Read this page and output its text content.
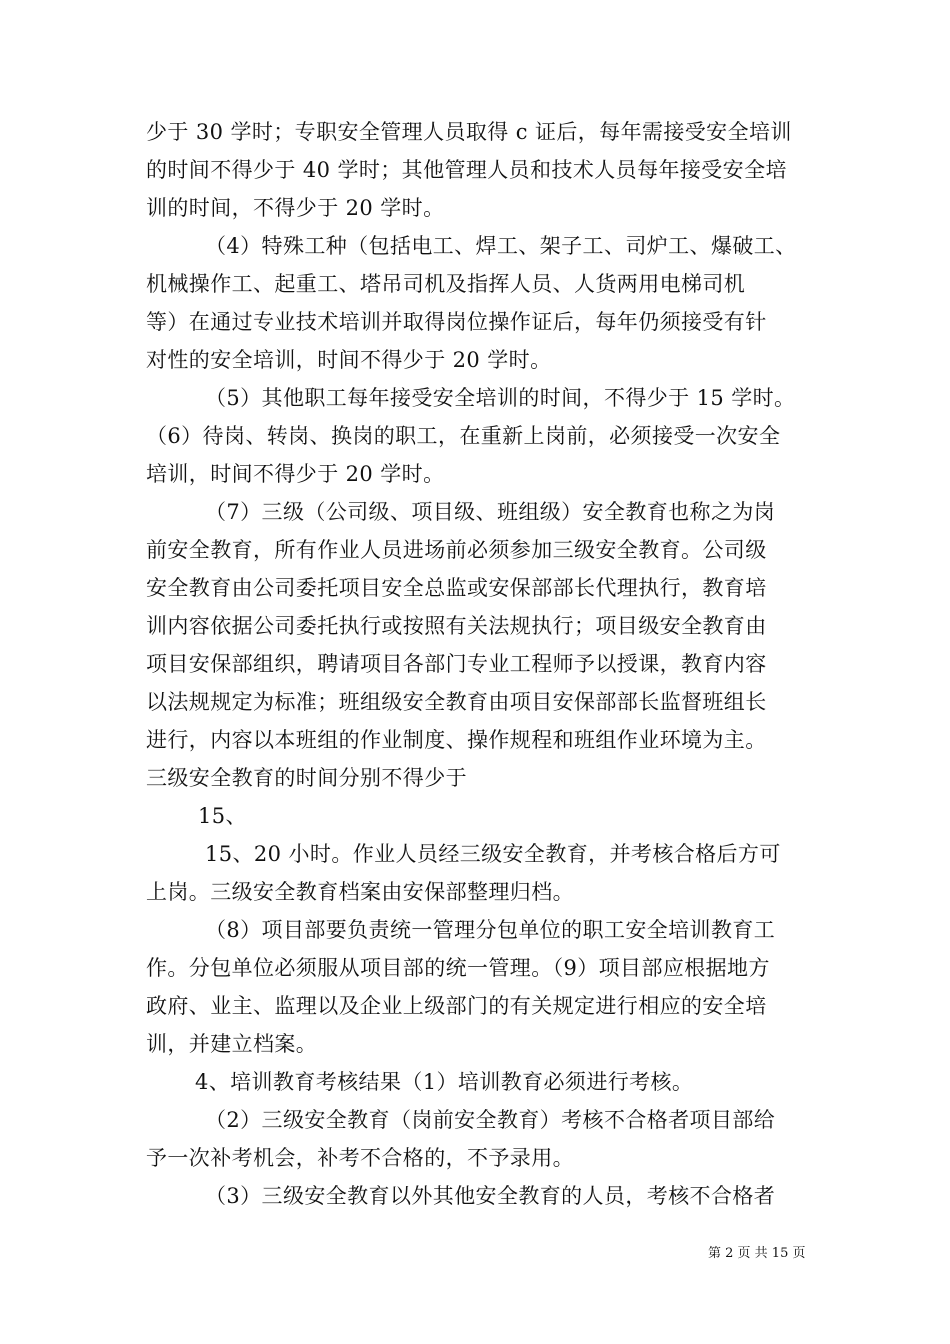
少于 30 学时；专职安全管理人员取得 c 证后，每年需接受安全培训
的时间不得少于 40 学时；其他管理人员和技术人员每年接受安全培
训的时间，不得少于 20 学时。
（4）特殊工种（包括电工、焊工、架子工、司炉工、爆破工、
机械操作工、起重工、塔吊司机及指挥人员、人货两用电梯司机
等）在通过专业技术培训并取得岗位操作证后，每年仍须接受有针
对性的安全培训，时间不得少于 20 学时。
（5）其他职工每年接受安全培训的时间，不得少于 15 学时。
（6）待岗、转岗、换岗的职工，在重新上岗前，必须接受一次安全
培训，时间不得少于 20 学时。
（7）三级（公司级、项目级、班组级）安全教育也称之为岗
前安全教育，所有作业人员进场前必须参加三级安全教育。公司级
安全教育由公司委托项目安全总监或安保部部长代理执行，教育培
训内容依据公司委托执行或按照有关法规执行；项目级安全教育由
项目安保部组织，聘请项目各部门专业工程师予以授课，教育内容
以法规规定为标准；班组级安全教育由项目安保部部长监督班组长
进行，内容以本班组的作业制度、操作规程和班组作业环境为主。
三级安全教育的时间分别不得少于
15、
15、20 小时。作业人员经三级安全教育，并考核合格后方可
上岗。三级安全教育档案由安保部整理归档。
（8）项目部要负责统一管理分包单位的职工安全培训教育工
作。分包单位必须服从项目部的统一管理。（9）项目部应根据地方
政府、业主、监理以及企业上级部门的有关规定进行相应的安全培
训，并建立档案。
4、培训教育考核结果（1）培训教育必须进行考核。
（2）三级安全教育（岗前安全教育）考核不合格者项目部给
予一次补考机会，补考不合格的，不予录用。
（3）三级安全教育以外其他安全教育的人员，考核不合格者
第 2 页 共 15 页
